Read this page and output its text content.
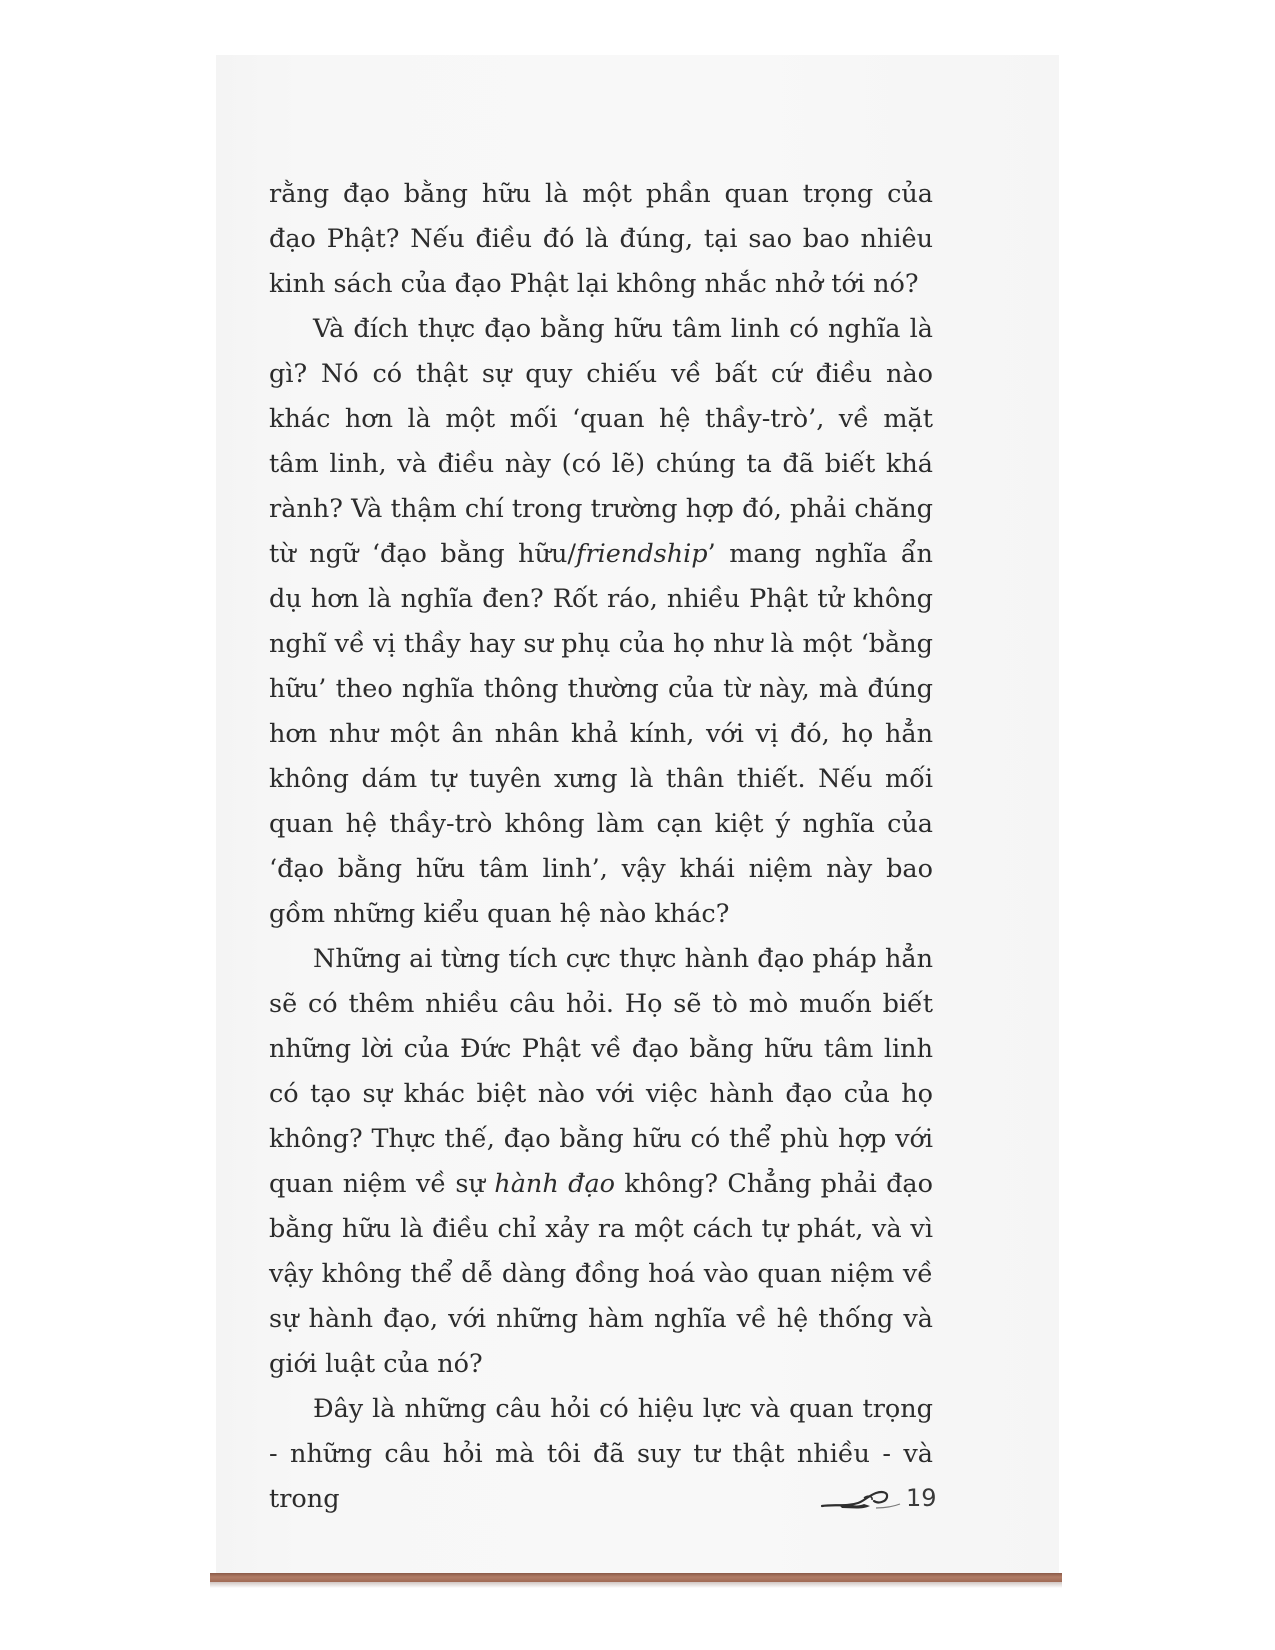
rằng đạo bằng hữu là một phần quan trọng của đạo Phật? Nếu điều đó là đúng, tại sao bao nhiêu kinh sách của đạo Phật lại không nhắc nhở tới nó?

Và đích thực đạo bằng hữu tâm linh có nghĩa là gì? Nó có thật sự quy chiếu về bất cứ điều nào khác hơn là một mối ‘quan hệ thầy-trò’, về mặt tâm linh, và điều này (có lẽ) chúng ta đã biết khá rành? Và thậm chí trong trường hợp đó, phải chăng từ ngữ ‘đạo bằng hữu/friendship’ mang nghĩa ẩn dụ hơn là nghĩa đen? Rốt ráo, nhiều Phật tử không nghĩ về vị thầy hay sư phụ của họ như là một ‘bằng hữu’ theo nghĩa thông thường của từ này, mà đúng hơn như một ân nhân khả kính, với vị đó, họ hẳn không dám tự tuyên xưng là thân thiết. Nếu mối quan hệ thầy-trò không làm cạn kiệt ý nghĩa của ‘đạo bằng hữu tâm linh’, vậy khái niệm này bao gồm những kiểu quan hệ nào khác?

Những ai từng tích cực thực hành đạo pháp hẳn sẽ có thêm nhiều câu hỏi. Họ sẽ tò mò muốn biết những lời của Đức Phật về đạo bằng hữu tâm linh có tạo sự khác biệt nào với việc hành đạo của họ không? Thực thế, đạo bằng hữu có thể phù hợp với quan niệm về sự hành đạo không? Chẳng phải đạo bằng hữu là điều chỉ xảy ra một cách tự phát, và vì vậy không thể dễ dàng đồng hoá vào quan niệm về sự hành đạo, với những hàm nghĩa về hệ thống và giới luật của nó?

Đây là những câu hỏi có hiệu lực và quan trọng - những câu hỏi mà tôi đã suy tư thật nhiều - và trong	19
